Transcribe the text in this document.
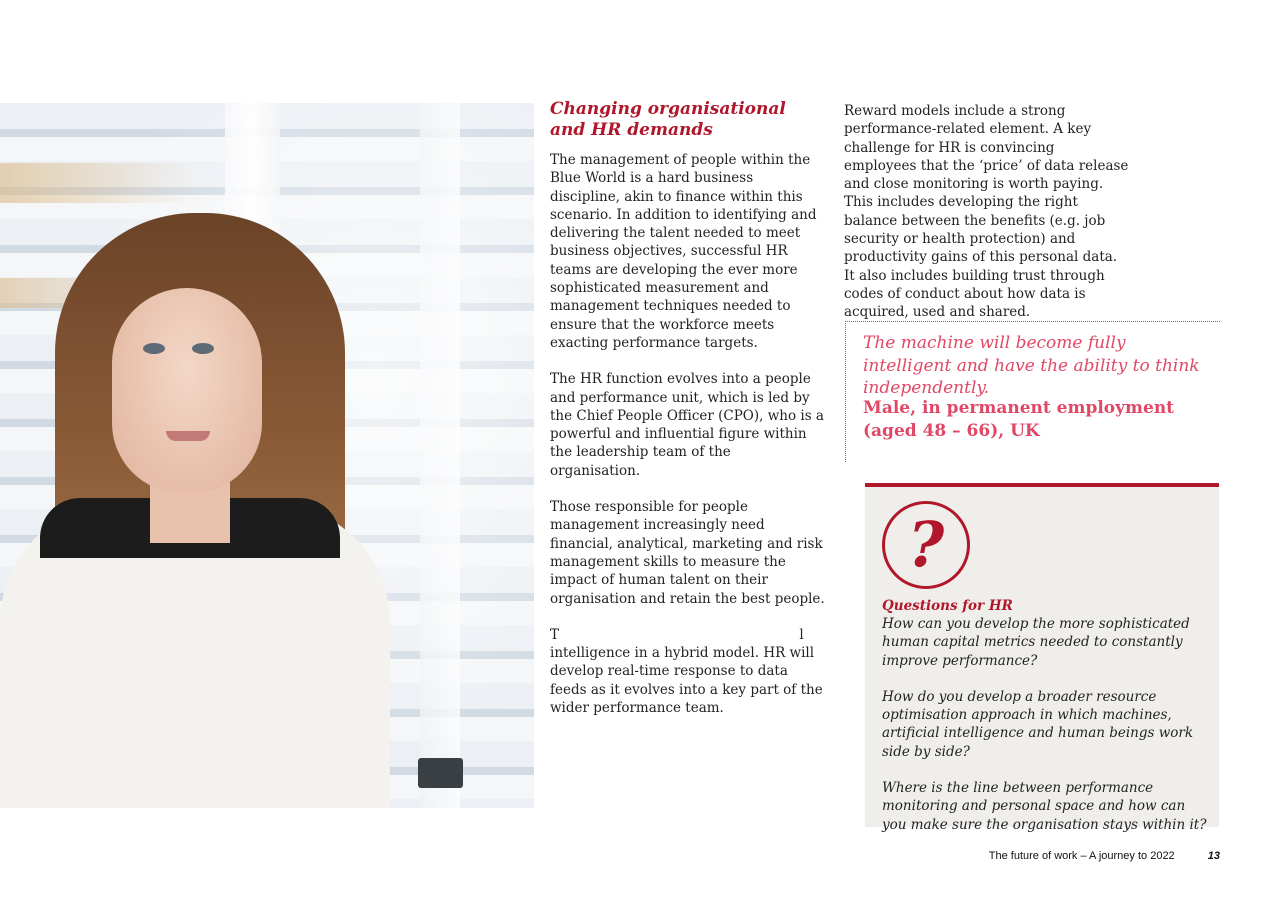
Changing organisational
and HR demands

The management of people within the Blue World is a hard business discipline, akin to finance within this scenario. In addition to identifying and delivering the talent needed to meet business objectives, successful HR teams are developing the ever more sophisticated measurement and management techniques needed to ensure that the workforce meets exacting performance targets.

The HR function evolves into a people and performance unit, which is led by the Chief People Officer (CPO), who is a powerful and influential figure within the leadership team of the organisation.

Those responsible for people management increasingly need financial, analytical, marketing and risk management skills to measure the impact of human talent on their organisation and retain the best people.

T                                                        l intelligence in a hybrid model. HR will develop real-time response to data feeds as it evolves into a key part of the wider performance team.

Reward models include a strong performance-related element. A key challenge for HR is convincing employees that the ‘price’ of data release and close monitoring is worth paying. This includes developing the right balance between the benefits (e.g. job security or health protection) and productivity gains of this personal data. It also includes building trust through codes of conduct about how data is acquired, used and shared.

The machine will become fully intelligent and have the ability to think independently.

Male, in permanent employment
(aged 48 – 66), UK

?

Questions for HR

How can you develop the more sophisticated human capital metrics needed to constantly improve performance?
How do you develop a broader resource optimisation approach in which machines, artificial intelligence and human beings work side by side?
Where is the line between performance monitoring and personal space and how can you make sure the organisation stays within it?
The future of work – A journey to 2022	13
